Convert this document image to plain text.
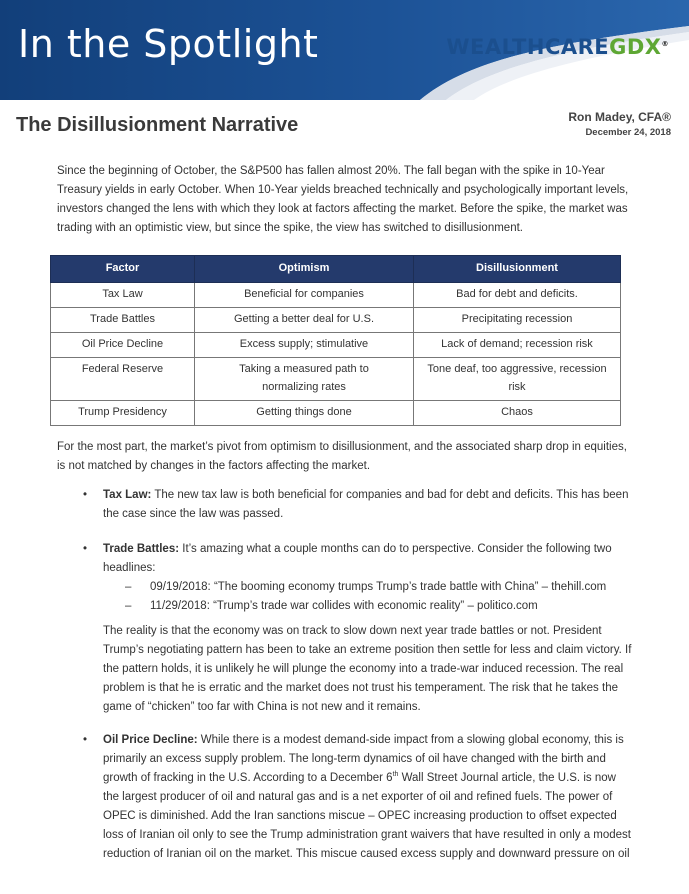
In the Spotlight	WEALTHCAREGDX®
The Disillusionment Narrative	Ron Madey, CFA®
December 24, 2018

Since the beginning of October, the S&P500 has fallen almost 20%. The fall began with the spike in 10-Year Treasury yields in early October. When 10-Year yields breached technically and psychologically important levels, investors changed the lens with which they look at factors affecting the market. Before the spike, the market was trading with an optimistic view, but since the spike, the view has switched to disillusionment.

Factor	Optimism	Disillusionment
Tax Law	Beneficial for companies	Bad for debt and deficits.
Trade Battles	Getting a better deal for U.S.	Precipitating recession
Oil Price Decline	Excess supply; stimulative	Lack of demand; recession risk
Federal Reserve	Taking a measured path to normalizing rates	Tone deaf, too aggressive, recession risk
Trump Presidency	Getting things done	Chaos

For the most part, the market’s pivot from optimism to disillusionment, and the associated sharp drop in equities, is not matched by changes in the factors affecting the market.

• Tax Law: The new tax law is both beneficial for companies and bad for debt and deficits. This has been the case since the law was passed.
• Trade Battles: It’s amazing what a couple months can do to perspective. Consider the following two headlines:
– 09/19/2018: “The booming economy trumps Trump’s trade battle with China” – thehill.com
– 11/29/2018: “Trump’s trade war collides with economic reality” – politico.com

The reality is that the economy was on track to slow down next year trade battles or not. President Trump’s negotiating pattern has been to take an extreme position then settle for less and claim victory. If the pattern holds, it is unlikely he will plunge the economy into a trade-war induced recession. The real problem is that he is erratic and the market does not trust his temperament. The risk that he takes the game of “chicken” too far with China is not new and it remains.

• Oil Price Decline: While there is a modest demand-side impact from a slowing global economy, this is primarily an excess supply problem. The long-term dynamics of oil have changed with the birth and growth of fracking in the U.S. According to a December 6th Wall Street Journal article, the U.S. is now the largest producer of oil and natural gas and is a net exporter of oil and refined fuels. The power of OPEC is diminished. Add the Iran sanctions miscue – OPEC increasing production to offset expected loss of Iranian oil only to see the Trump administration grant waivers that have resulted in only a modest reduction of Iranian oil on the market. This miscue caused excess supply and downward pressure on oil
